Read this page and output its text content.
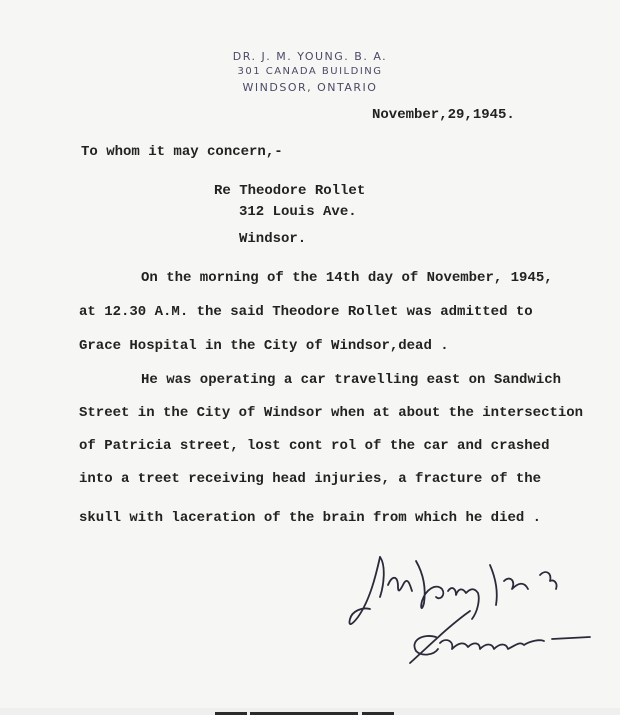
DR. J. M. YOUNG. B. A.
301 CANADA BUILDING
WINDSOR, ONTARIO
November,29,1945.
To whom it may concern,-
Re Theodore Rollet
312 Louis Ave.
Windsor.
On the morning of the 14th day of November, 1945,
at 12.30 A.M. the said Theodore Rollet was admitted to
Grace Hospital in the City of Windsor,dead .
He was operating a car travelling east on Sandwich
Street in the City of Windsor when at about the intersection
of Patricia street, lost cont rol of the car and crashed
into a treet receiving head injuries, a fracture of the
skull with laceration of the brain from which he died .
